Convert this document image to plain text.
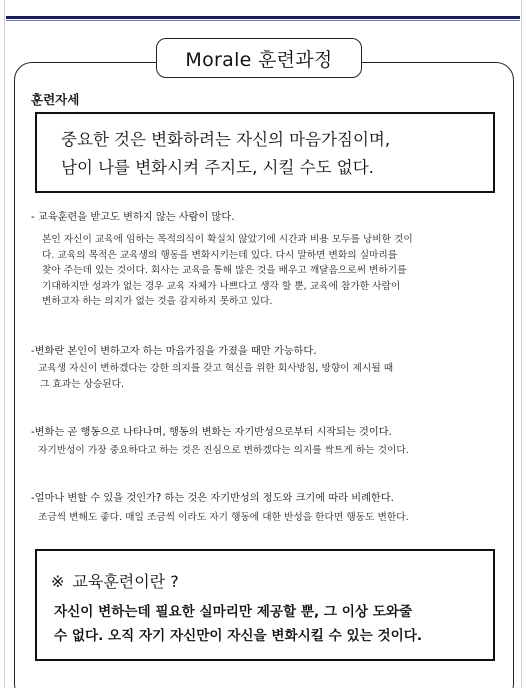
Morale 훈련과정
훈련자세
중요한 것은 변화하려는 자신의 마음가짐이며,
남이 나를 변화시켜 주지도, 시킬 수도 없다.
- 교육훈련을 받고도 변하지 않는 사람이 많다.
본인 자신이 교육에 임하는 목적의식이 확실치 않았기에 시간과 비용 모두를 낭비한 것이
다. 교육의 목적은 교육생의 행동을 변화시키는데 있다. 다시 말하면 변화의 실마리를
찾아 주는데 있는 것이다. 회사는 교육을 통해 많은 것을 배우고 깨달음으로써 변하기를
기대하지만 성과가 없는 경우 교육 자체가 나쁘다고 생각 할 뿐, 교육에 참가한 사람이
변하고자 하는 의지가 없는 것을 감지하지 못하고 있다.
-변화란 본인이 변하고자 하는 마음가짐을 가졌을 때만 가능하다.
교육생 자신이 변하겠다는 강한 의지를 갖고 혁신을 위한 회사방침, 방향이 제시될 때
그 효과는 상승된다.
-변화는 곧 행동으로 나타나며, 행동의 변화는 자기반성으로부터 시작되는 것이다.
자기반성이 가장 중요하다고 하는 것은 진심으로 변하겠다는 의지를 싹트게 하는 것이다.
-얼마나 변할 수 있을 것인가? 하는 것은 자기반성의 정도와 크기에 따라 비례한다.
조금씩 변해도 좋다. 매일 조금씩 이라도 자기 행동에 대한 반성을 한다면 행동도 변한다.
※ 교육훈련이란 ?
자신이 변하는데 필요한 실마리만 제공할 뿐, 그 이상 도와줄
수 없다. 오직 자기 자신만이 자신을 변화시킬 수 있는 것이다.
